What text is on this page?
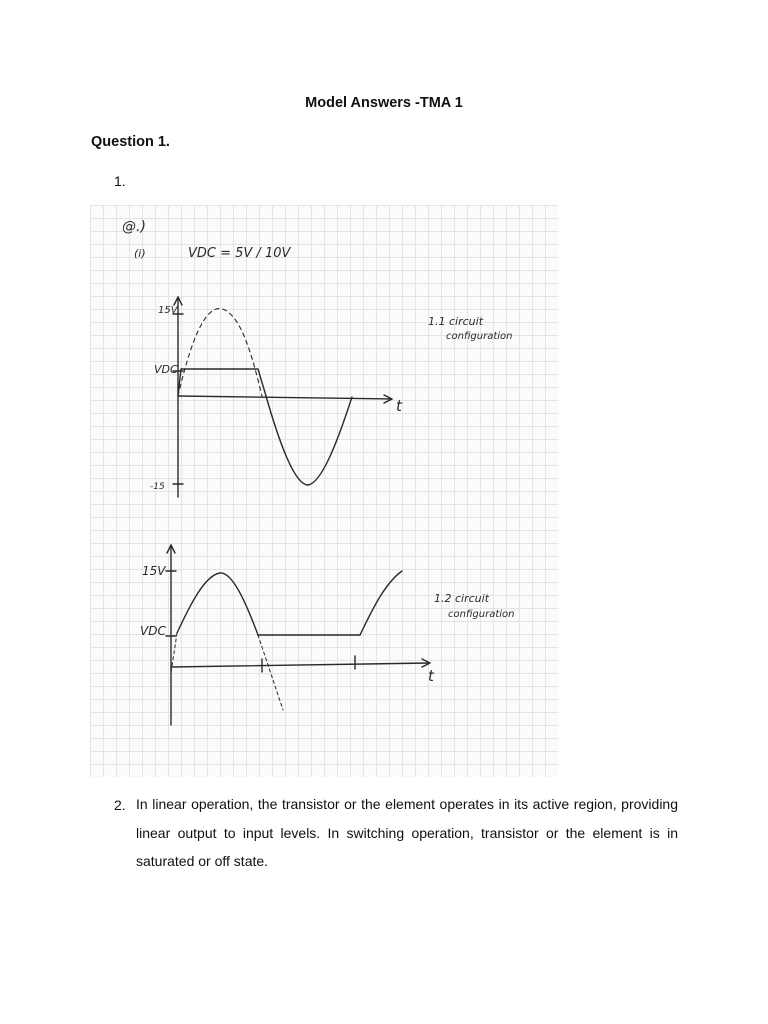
Model Answers -TMA 1
Question 1.
1.
@.)
(i)	VDC = 5V / 10V
15V
VDC
-15
t
1.1 circuit
configuration
15V
VDC
t
1.2 circuit
configuration
2. In linear operation, the transistor or the element operates in its active region, providing linear output to input levels. In switching operation, transistor or the element is in saturated or off state.
